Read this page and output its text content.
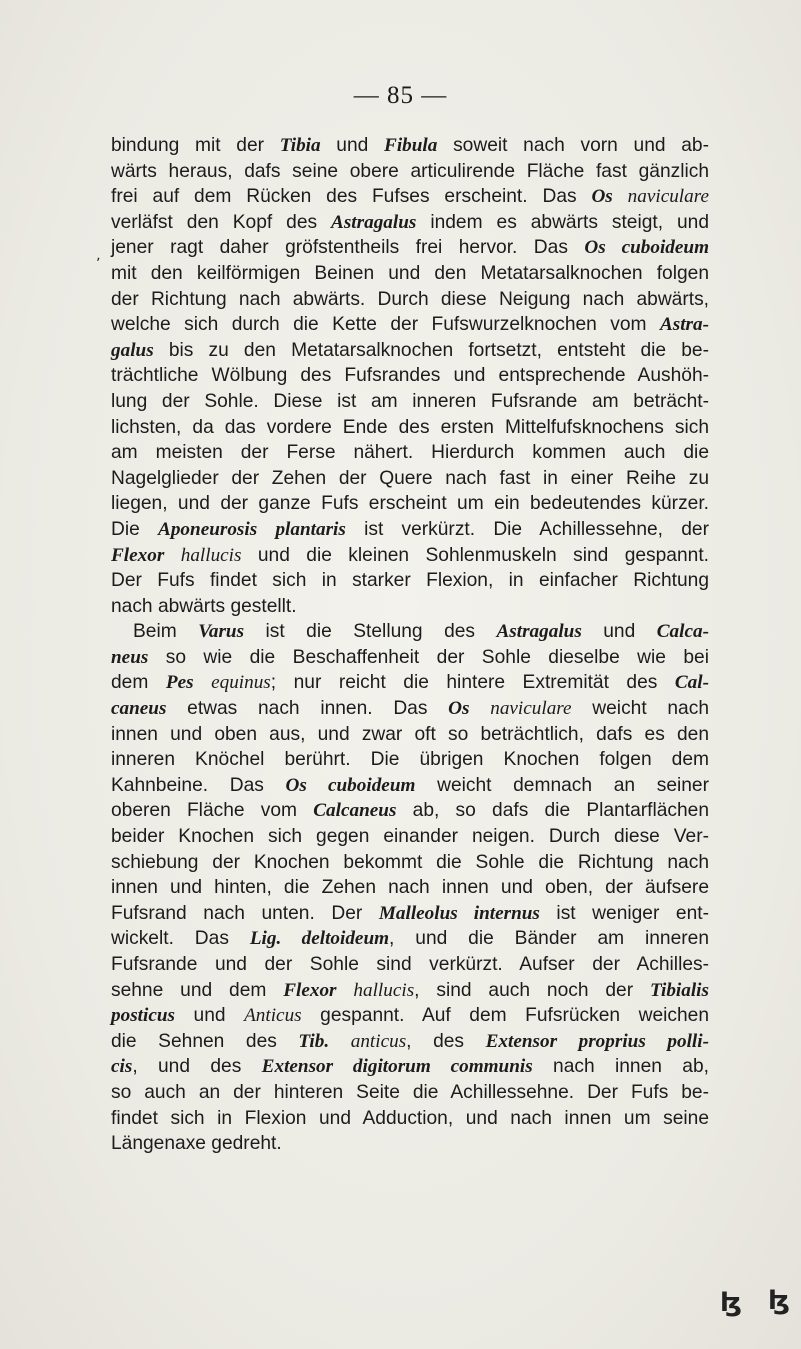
— 85 —
bindung mit der Tibia und Fibula soweit nach vorn und ab-
wärts heraus, dafs seine obere articulirende Fläche fast gänzlich
frei auf dem Rücken des Fufses erscheint. Das Os naviculare
verläfst den Kopf des Astragalus indem es abwärts steigt, und
jener ragt daher gröfstentheils frei hervor. Das Os cuboideum
mit den keilförmigen Beinen und den Metatarsalknochen folgen
der Richtung nach abwärts. Durch diese Neigung nach abwärts,
welche sich durch die Kette der Fufswurzelknochen vom Astra-
galus bis zu den Metatarsalknochen fortsetzt, entsteht die be-
trächtliche Wölbung des Fufsrandes und entsprechende Aushöh-
lung der Sohle. Diese ist am inneren Fufsrande am beträcht-
lichsten, da das vordere Ende des ersten Mittelfufsknochens sich
am meisten der Ferse nähert. Hierdurch kommen auch die
Nagelglieder der Zehen der Quere nach fast in einer Reihe zu
liegen, und der ganze Fufs erscheint um ein bedeutendes kürzer.
Die Aponeurosis plantaris ist verkürzt. Die Achillessehne, der
Flexor hallucis und die kleinen Sohlenmuskeln sind gespannt.
Der Fufs findet sich in starker Flexion, in einfacher Richtung
nach abwärts gestellt.
Beim Varus ist die Stellung des Astragalus und Calca-
neus so wie die Beschaffenheit der Sohle dieselbe wie bei
dem Pes equinus; nur reicht die hintere Extremität des Cal-
caneus etwas nach innen. Das Os naviculare weicht nach
innen und oben aus, und zwar oft so beträchtlich, dafs es den
inneren Knöchel berührt. Die übrigen Knochen folgen dem
Kahnbeine. Das Os cuboideum weicht demnach an seiner
oberen Fläche vom Calcaneus ab, so dafs die Plantarflächen
beider Knochen sich gegen einander neigen. Durch diese Ver-
schiebung der Knochen bekommt die Sohle die Richtung nach
innen und hinten, die Zehen nach innen und oben, der äufsere
Fufsrand nach unten. Der Malleolus internus ist weniger ent-
wickelt. Das Lig. deltoideum, und die Bänder am inneren
Fufsrande und der Sohle sind verkürzt. Aufser der Achilles-
sehne und dem Flexor hallucis, sind auch noch der Tibialis
posticus und Anticus gespannt. Auf dem Fufsrücken weichen
die Sehnen des Tib. anticus, des Extensor proprius polli-
cis, und des Extensor digitorum communis nach innen ab,
so auch an der hinteren Seite die Achillessehne. Der Fufs be-
findet sich in Flexion und Adduction, und nach innen um seine
Längenaxe gedreht.
ʼ
ɮ ɮ
